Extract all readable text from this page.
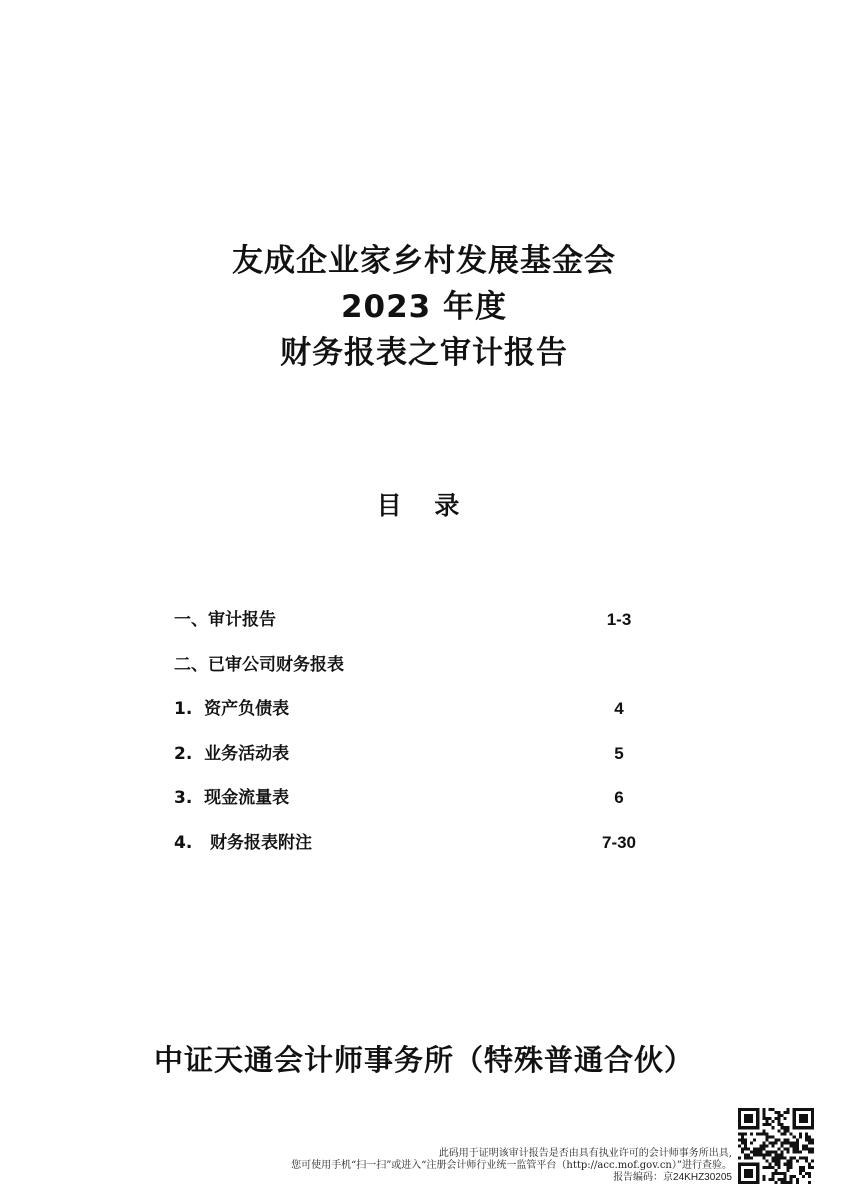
友成企业家乡村发展基金会
2023 年度
财务报表之审计报告
目 录
一、审计报告	1-3
二、已审公司财务报表
1.  资产负债表	4
2.  业务活动表	5
3.  现金流量表	6
4.   财务报表附注	7-30
中证天通会计师事务所（特殊普通合伙）
此码用于证明该审计报告是否由具有执业许可的会计师事务所出具,
您可使用手机“扫一扫”或进入“注册会计师行业统一监管平台（http://acc.mof.gov.cn）”进行查验。
报告编码：京24KHZ30205
